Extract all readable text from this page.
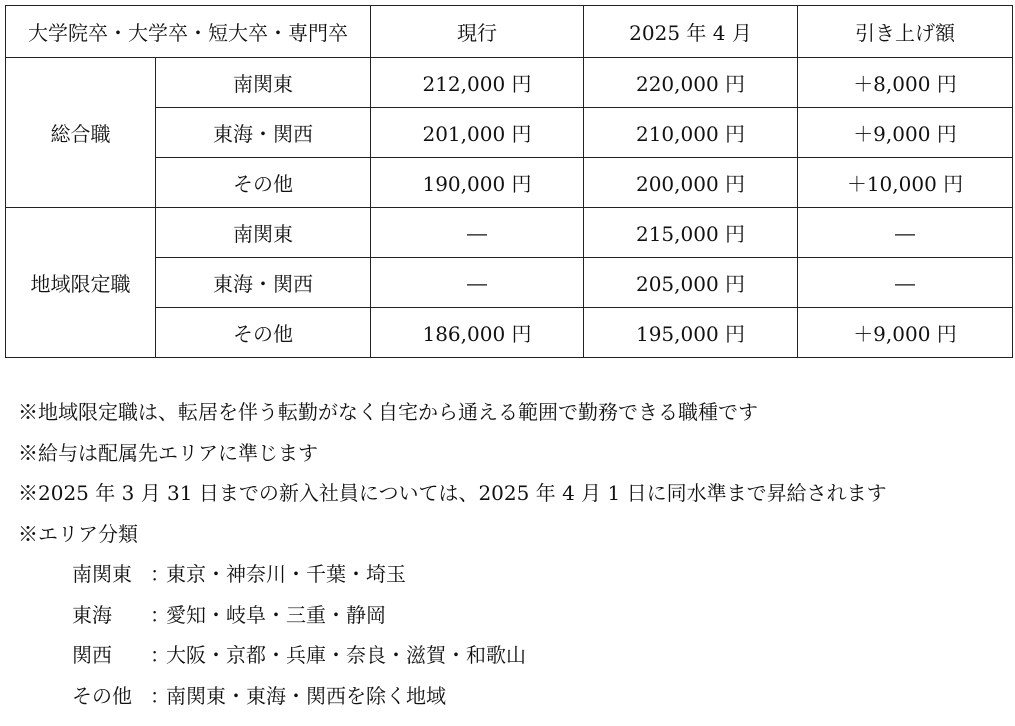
大学院卒・大学卒・短大卒・専門卒		現行	2025 年 4 月	引き上げ額
総合職	南関東	212,000 円	220,000 円	＋8,000 円
	東海・関西	201,000 円	210,000 円	＋9,000 円
	その他	190,000 円	200,000 円	＋10,000 円
地域限定職	南関東	―	215,000 円	―
	東海・関西	―	205,000 円	―
	その他	186,000 円	195,000 円	＋9,000 円
※地域限定職は、転居を伴う転勤がなく自宅から通える範囲で勤務できる職種です
※給与は配属先エリアに準じます
※2025 年 3 月 31 日までの新入社員については、2025 年 4 月 1 日に同水準まで昇給されます
※エリア分類
南関東 ：
東京・神奈川・千葉・埼玉
東海	：
愛知・岐阜・三重・静岡
関西	：
大阪・京都・兵庫・奈良・滋賀・和歌山
その他 ：
南関東・東海・関西を除く地域
